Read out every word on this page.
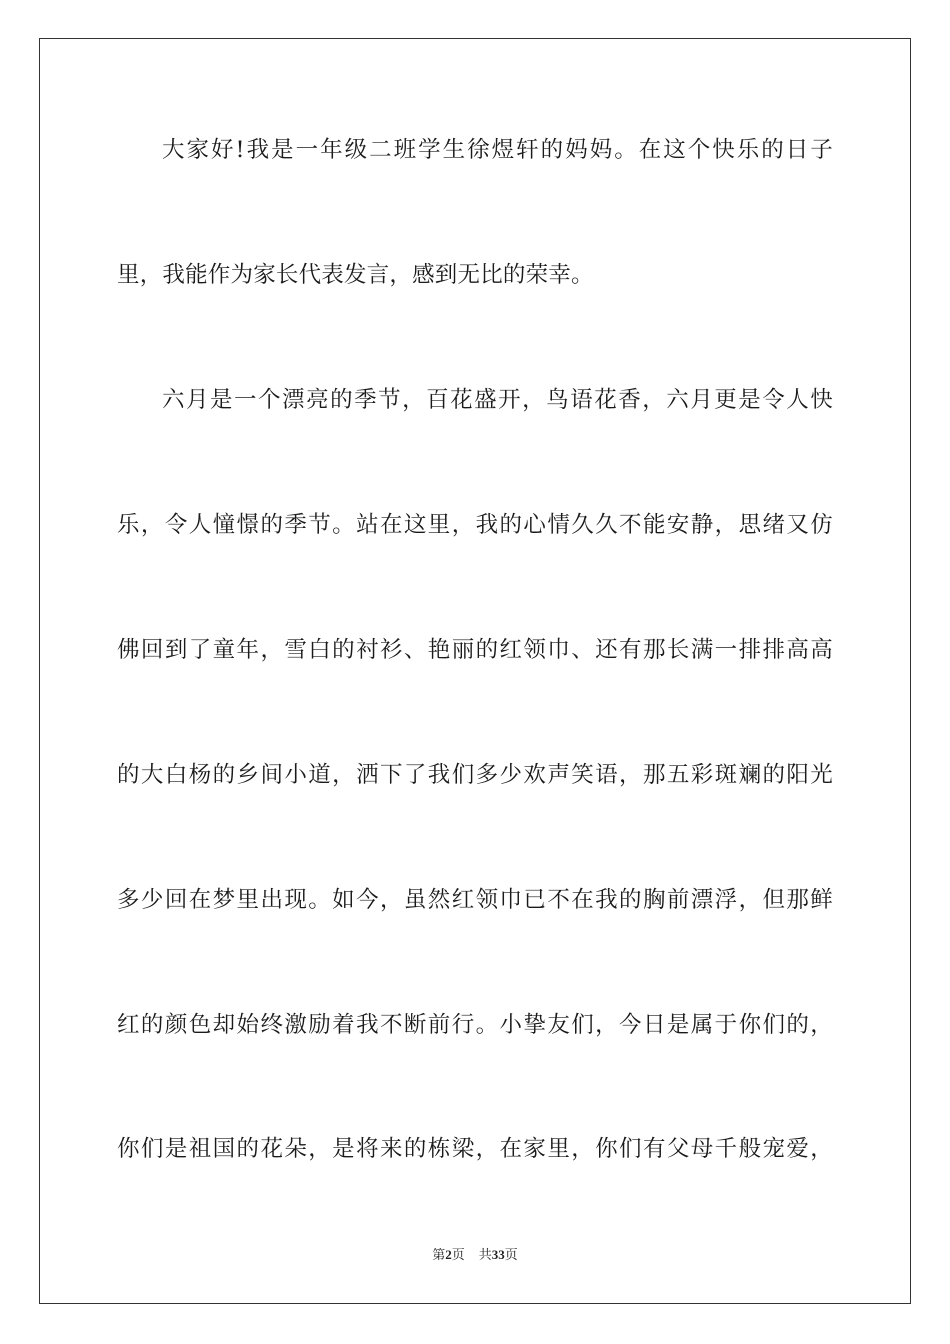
大家好!我是一年级二班学生徐煜轩的妈妈。在这个快乐的日子
里，我能作为家长代表发言，感到无比的荣幸。
六月是一个漂亮的季节，百花盛开，鸟语花香，六月更是令人快
乐，令人憧憬的季节。站在这里，我的心情久久不能安静，思绪又仿
佛回到了童年，雪白的衬衫、艳丽的红领巾、还有那长满一排排高高
的大白杨的乡间小道，洒下了我们多少欢声笑语，那五彩斑斓的阳光
多少回在梦里出现。如今，虽然红领巾已不在我的胸前漂浮，但那鲜
红的颜色却始终激励着我不断前行。小挚友们，今日是属于你们的，
你们是祖国的花朵，是将来的栋梁，在家里，你们有父母千般宠爱，
第2页 共33页
